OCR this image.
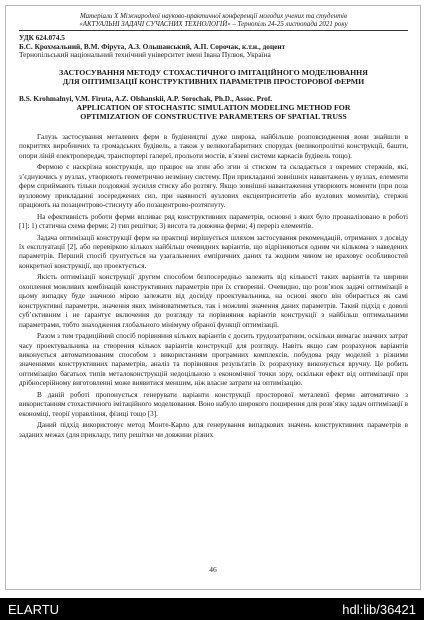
Матеріали Х Міжнародної науково-практичної конференції молодих учених та студентів
«АКТУАЛЬНІ ЗАДАЧІ СУЧАСНИХ ТЕХНОЛОГІЙ» – Тернопіль 24-25 листопада 2021 року
УДК 624.074.5
Б.С. Крохмальний, В.М. Фірута, А.З. Ольшанський, А.П. Сорочак, к.т.н., доцент
Тернопільський національний технічний університет імені Івана Пулюя, Україна
ЗАСТОСУВАННЯ МЕТОДУ СТОХАСТИЧНОГО ІМІТАЦІЙНОГО МОДЕЛЮВАННЯ
ДЛЯ ОПТИМІЗАЦІЇ КОНСТРУКТИВНИХ ПАРАМЕТРІВ ПРОСТОРОВОЇ ФЕРМИ
B.S. Krohmalnyi, V.M. Firuta, A.Z. Olshanskii, A.P. Sorochak, Ph.D., Assoc. Prof.
APPLICATION OF STOCHASTIC SIMULATION MODELING METHOD FOR
OPTIMIZATION OF CONSTRUCTIVE PARAMETERS OF SPATIAL TRUSS

Галузь застосування металевих ферм в будівництві дуже широка, найбільше розповсюдження вони знайшли в покриттях виробничих та громадських будівель, а також у великогабаритних спорудах (великопролітні конструкції, башти, опори ліній електропередач, транспортері галереї, прольоти мостів, в’язеві системи каркасів будівель тощо).

Фермою є наскрізна конструкція, що працює на згин або згин зі стиском та складається з окремих стержнів, які, з’єднуючись у вузлах, утворюють геометрично незмінну систему. При прикладанні зовнішніх навантажень у вузлах, елементи ферм сприймають тільки поздовжні зусилля стиску або розтягу. Якщо зовнішні навантаження утворюють моменти (при поза вузловому прикладанні зосереджених сил, при наявності вузлових ексцентриситетів або вузлових моментів), стержні працюють на позацентрово-стиснуту або позацентрово-розтягнуту.

На ефективність роботи ферми впливає ряд конструктивних параметрів, основні з яких було проаналізовано в роботі [1]: 1) статична схема ферми; 2) тип решітки; 3) висота та довжина ферми; 4) переріз елементів.

Задача оптимізації конструкції ферм на практиці вирішується шляхом застосування рекомендацій, отриманих з досвіду їх експлуатації [2], або перевіркою кількох найбільш очевидних варіантів, що відрізняються одним чи кількома з наведених параметрів. Перший спосіб ґрунтується на узагальнених емпіричних даних та жодним чином не враховує особливостей конкретної конструкції, що проектується.

Якість оптимізації конструкції другим способом безпосередньо залежить від кількості таких варіантів та ширини охоплення можливих комбінацій конструктивних параметрів при їх створенні. Очевидно, що розв’язок задачі оптимізації в цьому випадку буде значною мірою залежати від досвіду проектувальника, на основі якого він обирається як самі конструктивні параметри, значення яких змінюватиметься, так і можливі значення даних параметрів. Такий підхід є доволі суб’єктивним і не гарантує включення до розгляду та порівняння варіантів конструкції з найбільш оптимальними параметрами, тобто знаходження глобального мінімуму обраної функції оптимізації.

Разом з тим традиційний спосіб порівняння кількох варіантів є досить трудозатратним, оскільки вимагає значних затрат часу проектувальника на створення кількох варіантів конструкції для розгляду. Навіть якщо сам розрахунок варіантів виконується автоматизованим способом з використанням програмних комплексів, побудова ряду моделей з різними значеннями конструктивних параметрів, аналіз та порівняння результатів їх розрахунку виконується вручну. Це робить оптимізацію багатьох типів металоконструкцій недоцільною з економічної точки зору, оскільки ефект від оптимізації при дрібносерійному виготовленні може виявитися меншим, ніж власне затрати на оптимізацію.

В даній роботі пропонується генерувати варіанти конструкції просторової металевої ферми автоматично з використанням стохастичного імітаційного моделювання. Воно набуло широкого поширення для розв’язку задач оптимізації в економіці, теорії управління, фізиці тощо [3].

Даний підхід використовує метод Монте-Карло для генерування випадкових значень конструктивних параметрів в заданих межах (для прикладу, типу решітки чи довжини різних

46
ELARTU	hdl:lib/36421
